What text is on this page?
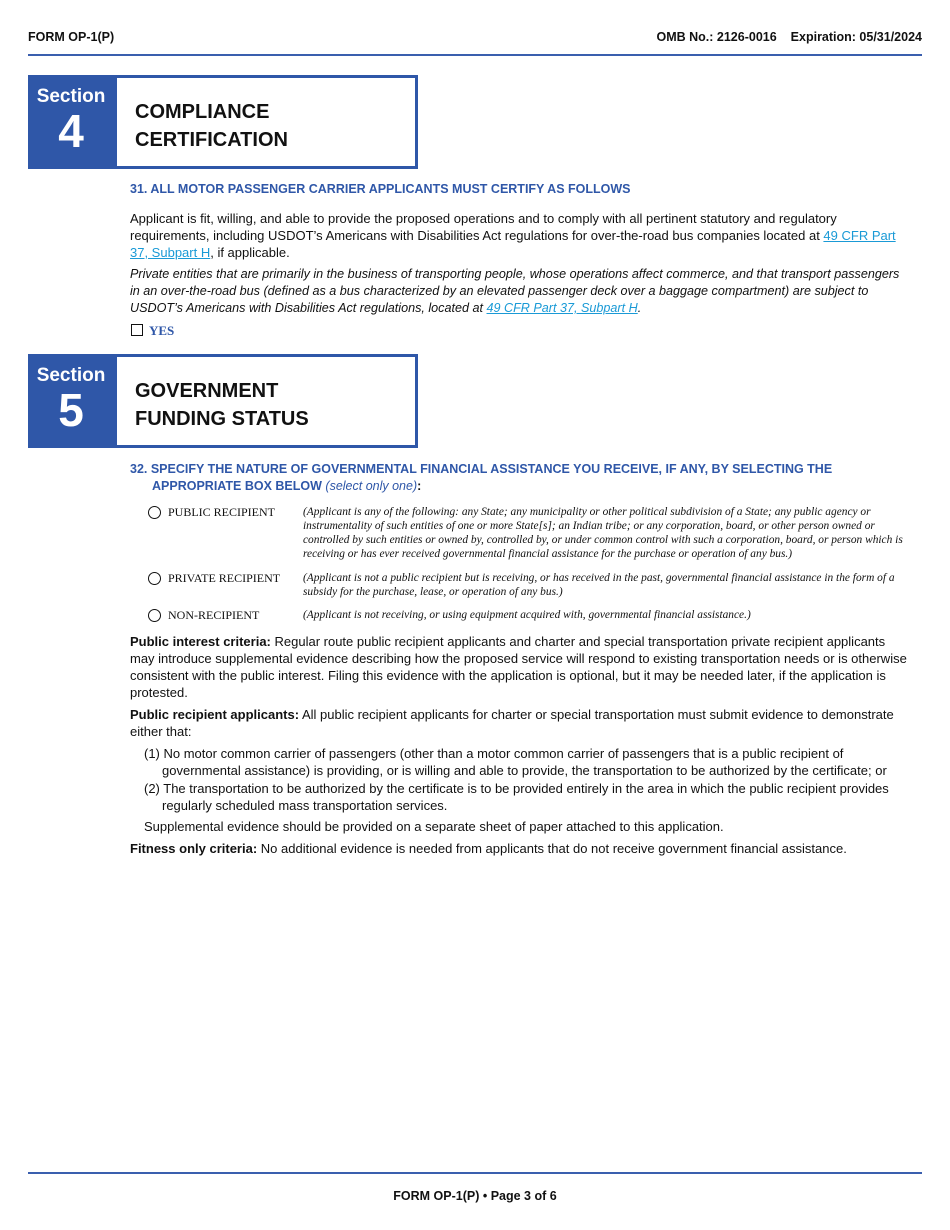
FORM OP-1(P)	OMB No.: 2126-0016 Expiration: 05/31/2024
Section
4	COMPLIANCE
CERTIFICATION
31. ALL MOTOR PASSENGER CARRIER APPLICANTS MUST CERTIFY AS FOLLOWS
Applicant is fit, willing, and able to provide the proposed operations and to comply with all pertinent statutory and regulatory requirements, including USDOT’s Americans with Disabilities Act regulations for over-the-road bus companies located at 49 CFR Part 37, Subpart H, if applicable.
Private entities that are primarily in the business of transporting people, whose operations affect commerce, and that transport passengers in an over-the-road bus (defined as a bus characterized by an elevated passenger deck over a baggage compartment) are subject to USDOT’s Americans with Disabilities Act regulations, located at 49 CFR Part 37, Subpart H.
YES
Section
5	GOVERNMENT
FUNDING STATUS
32. SPECIFY THE NATURE OF GOVERNMENTAL FINANCIAL ASSISTANCE YOU RECEIVE, IF ANY, BY SELECTING THE
APPROPRIATE BOX BELOW (select only one):
PUBLIC RECIPIENT (Applicant is any of the following: any State; any municipality or other political subdivision of a State; any public agency or instrumentality of such entities of one or more State[s]; an Indian tribe; or any corporation, board, or other person owned or controlled by such entities or owned by, controlled by, or under common control with such a corporation, board, or person which is receiving or has ever received governmental financial assistance for the purchase or operation of any bus.)
PRIVATE RECIPIENT (Applicant is not a public recipient but is receiving, or has received in the past, governmental financial assistance in the form of a subsidy for the purchase, lease, or operation of any bus.)
NON-RECIPIENT	(Applicant is not receiving, or using equipment acquired with, governmental financial assistance.)
Public interest criteria: Regular route public recipient applicants and charter and special transportation private recipient applicants may introduce supplemental evidence describing how the proposed service will respond to existing transportation needs or is otherwise consistent with the public interest. Filing this evidence with the application is optional, but it may be needed later, if the application is protested.
Public recipient applicants: All public recipient applicants for charter or special transportation must submit evidence to demonstrate either that:
(1) No motor common carrier of passengers (other than a motor common carrier of passengers that is a public recipient of governmental assistance) is providing, or is willing and able to provide, the transportation to be authorized by the certificate; or
(2) The transportation to be authorized by the certificate is to be provided entirely in the area in which the public recipient provides regularly scheduled mass transportation services.
Supplemental evidence should be provided on a separate sheet of paper attached to this application.
Fitness only criteria: No additional evidence is needed from applicants that do not receive government financial assistance.
FORM OP-1(P) • Page 3 of 6
